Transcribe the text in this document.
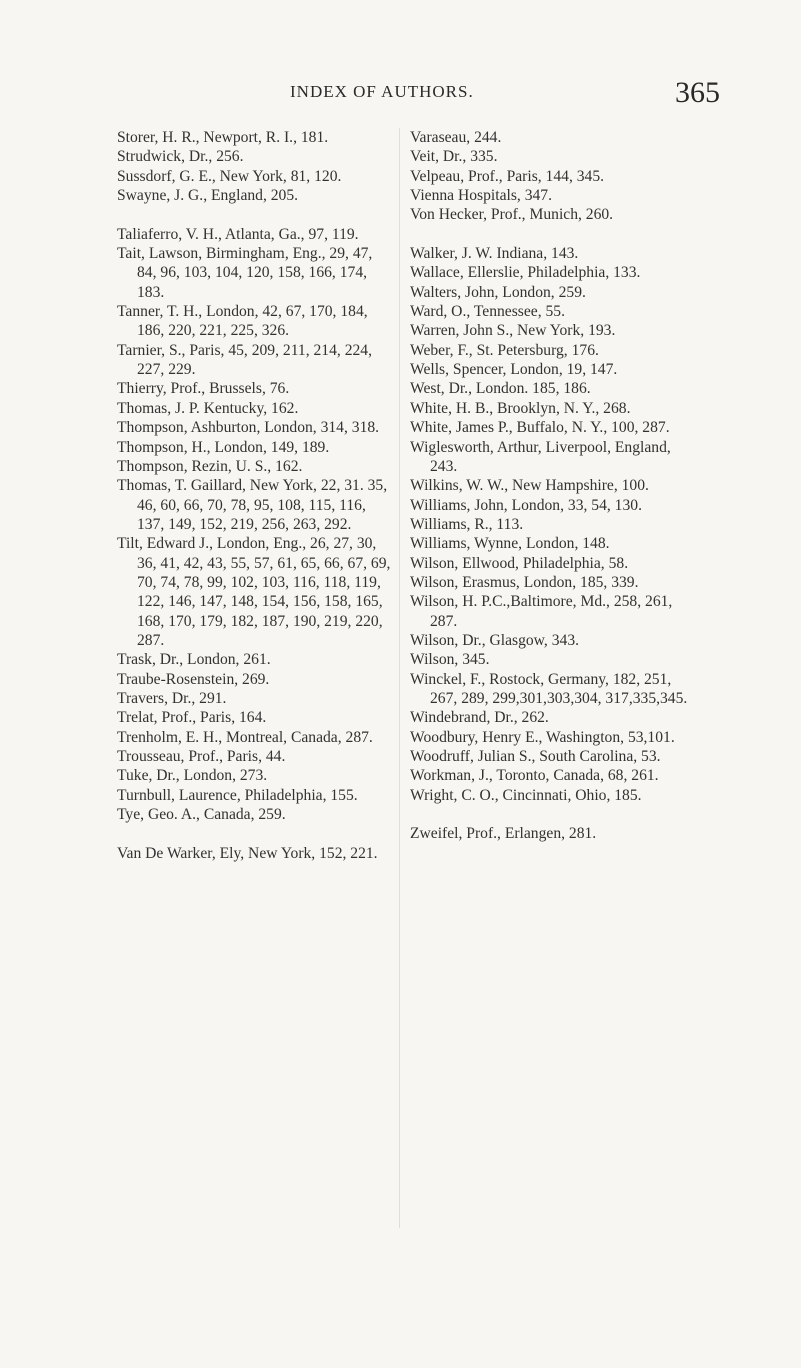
INDEX OF AUTHORS.	365

Storer, H. R., Newport, R. I., 181.

Strudwick, Dr., 256.

Sussdorf, G. E., New York, 81, 120.

Swayne, J. G., England, 205.

Taliaferro, V. H., Atlanta, Ga., 97, 119.

Tait, Lawson, Birmingham, Eng., 29, 47, 84, 96, 103, 104, 120, 158, 166, 174, 183.

Tanner, T. H., London, 42, 67, 170, 184, 186, 220, 221, 225, 326.

Tarnier, S., Paris, 45, 209, 211, 214, 224, 227, 229.

Thierry, Prof., Brussels, 76.

Thomas, J. P. Kentucky, 162.

Thompson, Ashburton, London, 314, 318.

Thompson, H., London, 149, 189.

Thompson, Rezin, U. S., 162.

Thomas, T. Gaillard, New York, 22, 31. 35, 46, 60, 66, 70, 78, 95, 108, 115, 116, 137, 149, 152, 219, 256, 263, 292.

Tilt, Edward J., London, Eng., 26, 27, 30, 36, 41, 42, 43, 55, 57, 61, 65, 66, 67, 69, 70, 74, 78, 99, 102, 103, 116, 118, 119, 122, 146, 147, 148, 154, 156, 158, 165, 168, 170, 179, 182, 187, 190, 219, 220, 287.

Trask, Dr., London, 261.

Traube-Rosenstein, 269.

Travers, Dr., 291.

Trelat, Prof., Paris, 164.

Trenholm, E. H., Montreal, Canada, 287.

Trousseau, Prof., Paris, 44.

Tuke, Dr., London, 273.

Turnbull, Laurence, Philadelphia, 155.

Tye, Geo. A., Canada, 259.

Van De Warker, Ely, New York, 152, 221.

Varaseau, 244.

Veit, Dr., 335.

Velpeau, Prof., Paris, 144, 345.

Vienna Hospitals, 347.

Von Hecker, Prof., Munich, 260.

Walker, J. W. Indiana, 143.

Wallace, Ellerslie, Philadelphia, 133.

Walters, John, London, 259.

Ward, O., Tennessee, 55.

Warren, John S., New York, 193.

Weber, F., St. Petersburg, 176.

Wells, Spencer, London, 19, 147.

West, Dr., London. 185, 186.

White, H. B., Brooklyn, N. Y., 268.

White, James P., Buffalo, N. Y., 100, 287.

Wiglesworth, Arthur, Liverpool, England, 243.

Wilkins, W. W., New Hampshire, 100.

Williams, John, London, 33, 54, 130.

Williams, R., 113.

Williams, Wynne, London, 148.

Wilson, Ellwood, Philadelphia, 58.

Wilson, Erasmus, London, 185, 339.

Wilson, H. P.C.,Baltimore, Md., 258, 261, 287.

Wilson, Dr., Glasgow, 343.

Wilson, 345.

Winckel, F., Rostock, Germany, 182, 251, 267, 289, 299,301,303,304, 317,335,345.

Windebrand, Dr., 262.

Woodbury, Henry E., Washington, 53,101.

Woodruff, Julian S., South Carolina, 53.

Workman, J., Toronto, Canada, 68, 261.

Wright, C. O., Cincinnati, Ohio, 185.

Zweifel, Prof., Erlangen, 281.
